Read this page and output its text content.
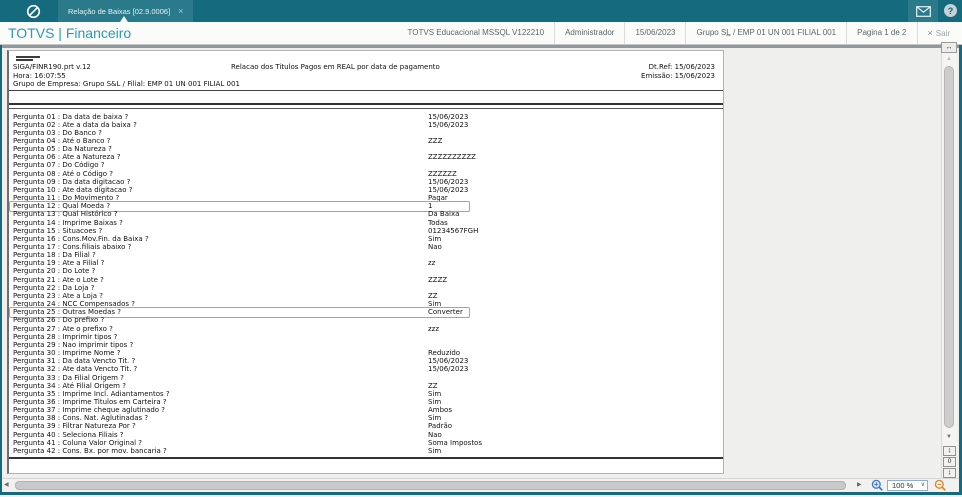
Relação de Baixas [02.9.0006] ×	?
TOTVS | Financeiro	TOTVS Educacional MSSQL V122210	Administrador	15/06/2023	Grupo SL̲ / EMP 01 UN 001 FILIAL 001	Pagina 1 de 2	× Sair
SIGA/FINR190.prt v.12	Relacao dos Titulos Pagos em REAL por data de pagamento	Dt.Ref: 15/06/2023
Hora: 16:07:55	Emissão: 15/06/2023
Grupo de Empresa: Grupo S&L / Filial: EMP 01 UN 001 FILIAL 001
Pergunta 01 : Da data de baixa ?	15/06/2023
Pergunta 02 : Ate a data da baixa ?	15/06/2023
Pergunta 03 : Do Banco ?
Pergunta 04 : Até o Banco ?	ZZZ
Pergunta 05 : Da Natureza ?
Pergunta 06 : Ate a Natureza ?	ZZZZZZZZZZ
Pergunta 07 : Do Código ?
Pergunta 08 : Até o Código ?	ZZZZZZ
Pergunta 09 : Da data digitacao ?	15/06/2023
Pergunta 10 : Ate data digitacao ?	15/06/2023
Pergunta 11 : Do Movimento ?	Pagar
Pergunta 12 : Qual Moeda ?	1
Pergunta 13 : Qual Histórico ?	Da Baixa
Pergunta 14 : Imprime Baixas ?	Todas
Pergunta 15 : Situacoes ?	01234567FGH
Pergunta 16 : Cons.Mov.Fin. da Baixa ?	Sim
Pergunta 17 : Cons.filiais abaixo ?	Nao
Pergunta 18 : Da Filial ?
Pergunta 19 : Ate a Filial ?	zz
Pergunta 20 : Do Lote ?
Pergunta 21 : Ate o Lote ?	ZZZZ
Pergunta 22 : Da Loja ?
Pergunta 23 : Ate a Loja ?	ZZ
Pergunta 24 : NCC Compensados ?	Sim
Pergunta 25 : Outras Moedas ?	Converter
Pergunta 26 : Do prefixo ?
Pergunta 27 : Ate o prefixo ?	zzz
Pergunta 28 : Imprimir tipos ?
Pergunta 29 : Nao imprimir tipos ?
Pergunta 30 : Imprime Nome ?	Reduzido
Pergunta 31 : Da data Vencto Tit. ?	15/06/2023
Pergunta 32 : Ate data Vencto Tit. ?	15/06/2023
Pergunta 33 : Da Filial Origem ?
Pergunta 34 : Até Filial Origem ?	ZZ
Pergunta 35 : Imprime Incl. Adiantamentos ?	Sim
Pergunta 36 : Imprime Titulos em Carteira ?	Sim
Pergunta 37 : Imprime cheque aglutinado ?	Ambos
Pergunta 38 : Cons. Nat. Aglutinadas ?	Sim
Pergunta 39 : Filtrar Natureza Por ?	Padrão
Pergunta 40 : Seleciona Filiais ?	Nao
Pergunta 41 : Coluna Valor Original ?	Soma Impostos
Pergunta 42 : Cons. Bx. por mov. bancaria ?	Sim
↔
▲
▼
↨
0
↨
◀	▶	100 % ∨
